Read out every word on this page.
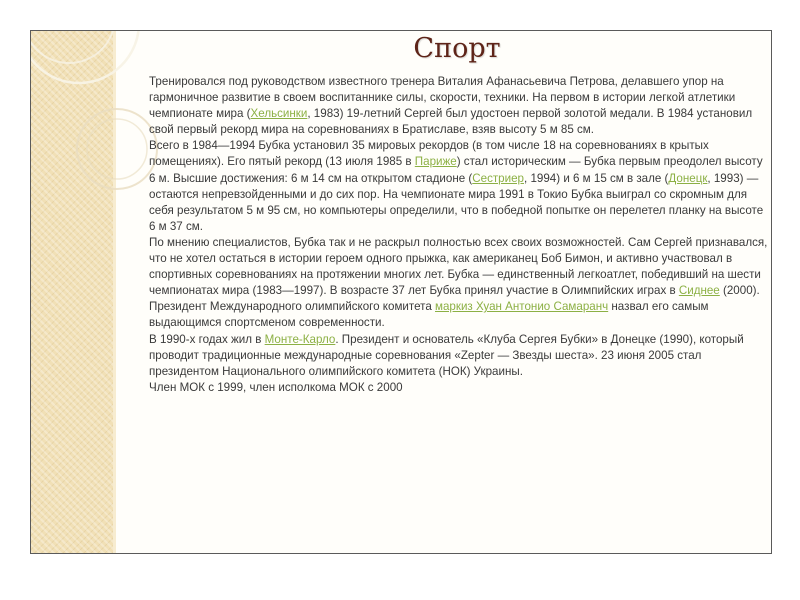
Спорт

Тренировался под руководством известного тренера Виталия Афанасьевича Петрова, делавшего упор на гармоничное развитие в своем воспитаннике силы, скорости, техники. На первом в истории легкой атлетики чемпионате мира (Хельсинки, 1983) 19-летний Сергей был удостоен первой золотой медали. В 1984 установил свой первый рекорд мира на соревнованиях в Братиславе, взяв высоту 5 м 85 см.

Всего в 1984—1994 Бубка установил 35 мировых рекордов (в том числе 18 на соревнованиях в крытых помещениях). Его пятый рекорд (13 июля 1985 в Париже) стал историческим — Бубка первым преодолел высоту 6 м. Высшие достижения: 6 м 14 см на открытом стадионе (Сестриер, 1994) и 6 м 15 см в зале (Донецк, 1993) — остаются непревзойденными и до сих пор. На чемпионате мира 1991 в Токио Бубка выиграл со скромным для себя результатом 5 м 95 см, но компьютеры определили, что в победной попытке он перелетел планку на высоте 6 м 37 см.

По мнению специалистов, Бубка так и не раскрыл полностью всех своих возможностей. Сам Сергей признавался, что не хотел остаться в истории героем одного прыжка, как американец Боб Бимон, и активно участвовал в спортивных соревнованиях на протяжении многих лет. Бубка — единственный легкоатлет, победивший на шести чемпионатах мира (1983—1997). В возрасте 37 лет Бубка принял участие в Олимпийских играх в Сиднее (2000). Президент Международного олимпийского комитета маркиз Хуан Антонио Самаранч назвал его самым выдающимся спортсменом современности.

В 1990-х годах жил в Монте-Карло. Президент и основатель «Клуба Сергея Бубки» в Донецке (1990), который проводит традиционные международные соревнования «Zepter — Звезды шеста». 23 июня 2005 стал президентом Национального олимпийского комитета (НОК) Украины.

Член МОК с 1999, член исполкома МОК с 2000
